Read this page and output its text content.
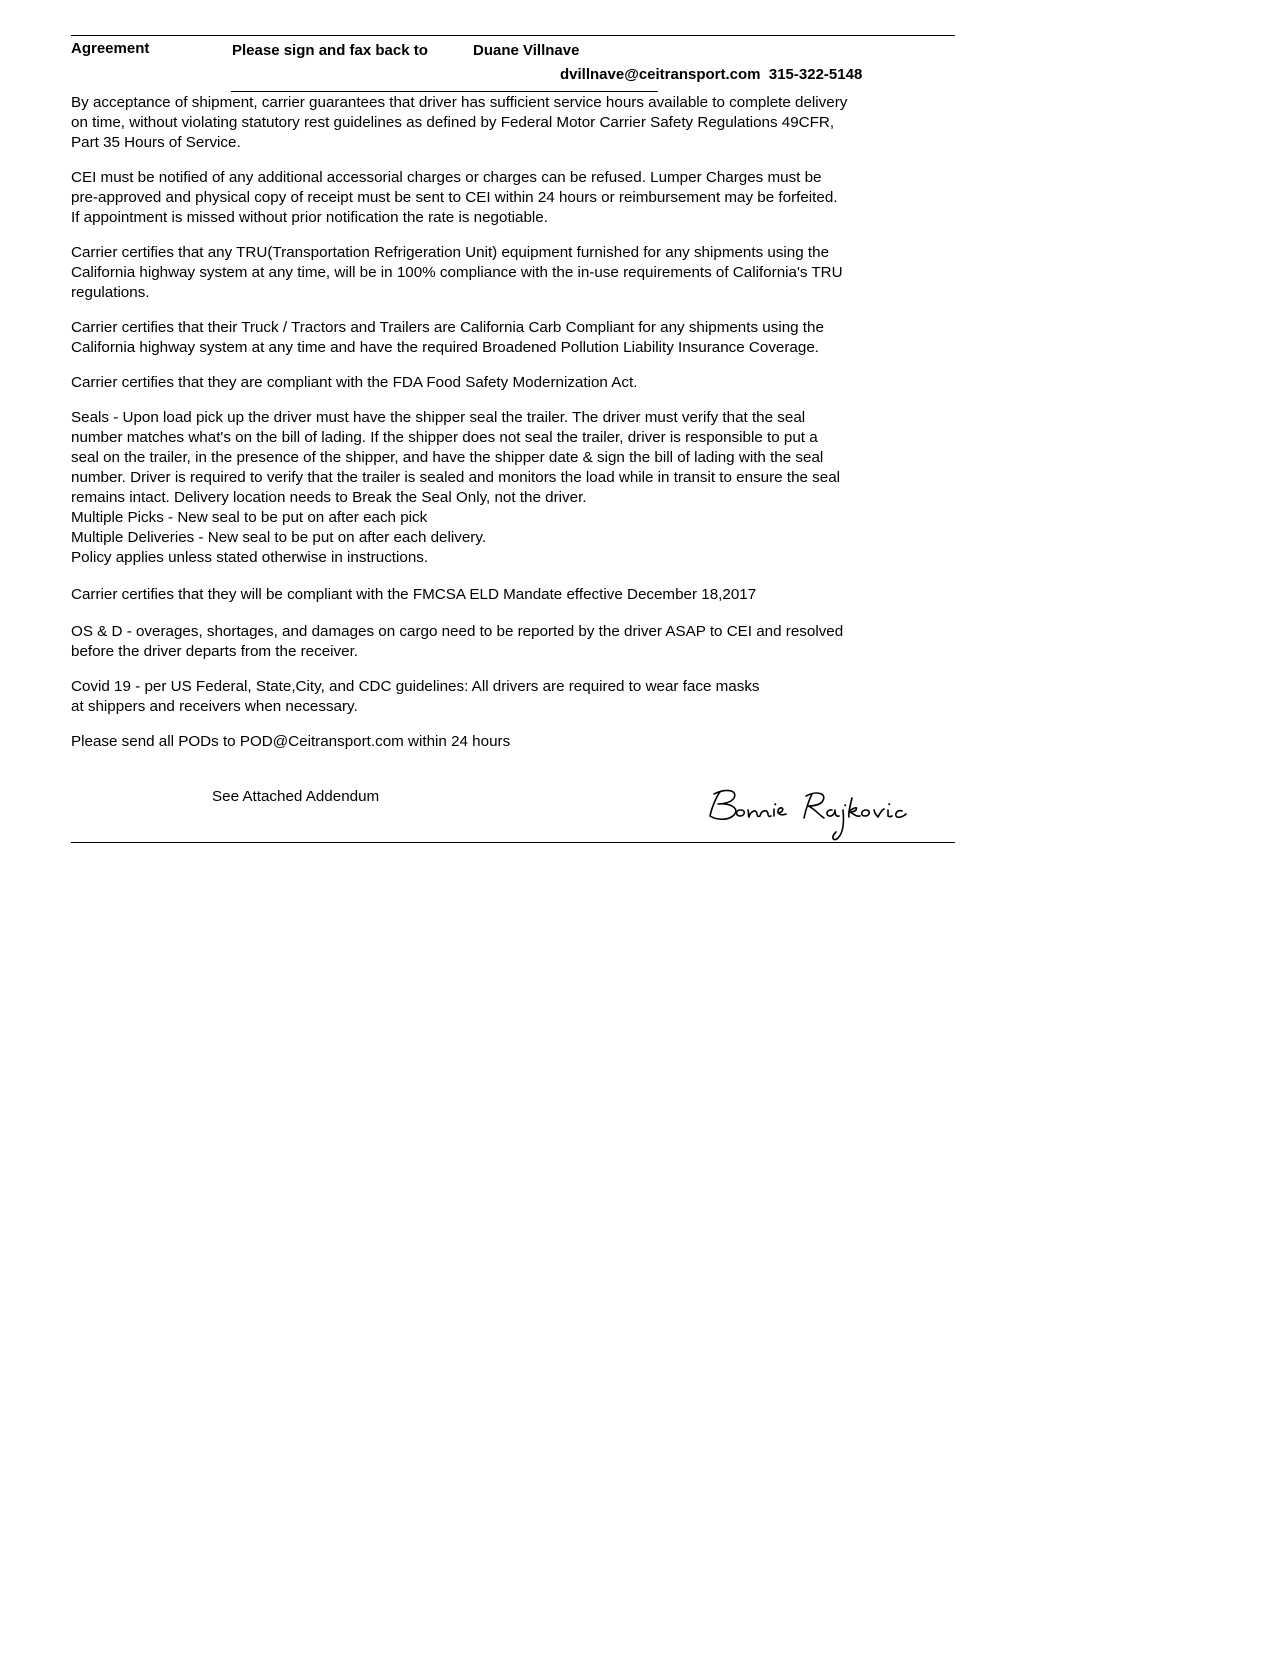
Agreement	Please sign and fax back to	Duane Villnave
dvillnave@ceitransport.com 315-322-5148

By acceptance of shipment, carrier guarantees that driver has sufficient service hours available to complete delivery
on time, without violating statutory rest guidelines as defined by Federal Motor Carrier Safety Regulations 49CFR,
Part 35 Hours of Service.

CEI must be notified of any additional accessorial charges or charges can be refused. Lumper Charges must be
pre-approved and physical copy of receipt must be sent to CEI within 24 hours or reimbursement may be forfeited.
If appointment is missed without prior notification the rate is negotiable.

Carrier certifies that any TRU(Transportation Refrigeration Unit) equipment furnished for any shipments using the
California highway system at any time, will be in 100% compliance with the in-use requirements of California's TRU
regulations.

Carrier certifies that their Truck / Tractors and Trailers are California Carb Compliant for any shipments using the
California highway system at any time and have the required Broadened Pollution Liability Insurance Coverage.

Carrier certifies that they are compliant with the FDA Food Safety Modernization Act.

Seals - Upon load pick up the driver must have the shipper seal the trailer. The driver must verify that the seal
number matches what's on the bill of lading. If the shipper does not seal the trailer, driver is responsible to put a
seal on the trailer, in the presence of the shipper, and have the shipper date & sign the bill of lading with the seal
number. Driver is required to verify that the trailer is sealed and monitors the load while in transit to ensure the seal
remains intact. Delivery location needs to Break the Seal Only, not the driver.
Multiple Picks - New seal to be put on after each pick
Multiple Deliveries - New seal to be put on after each delivery.
Policy applies unless stated otherwise in instructions.

Carrier certifies that they will be compliant with the FMCSA ELD Mandate effective December 18,2017

OS & D - overages, shortages, and damages on cargo need to be reported by the driver ASAP to CEI and resolved
before the driver departs from the receiver.

Covid 19 - per US Federal, State,City, and CDC guidelines: All drivers are required to wear face masks
at shippers and receivers when necessary.

Please send all PODs to POD@Ceitransport.com within 24 hours

See Attached Addendum
